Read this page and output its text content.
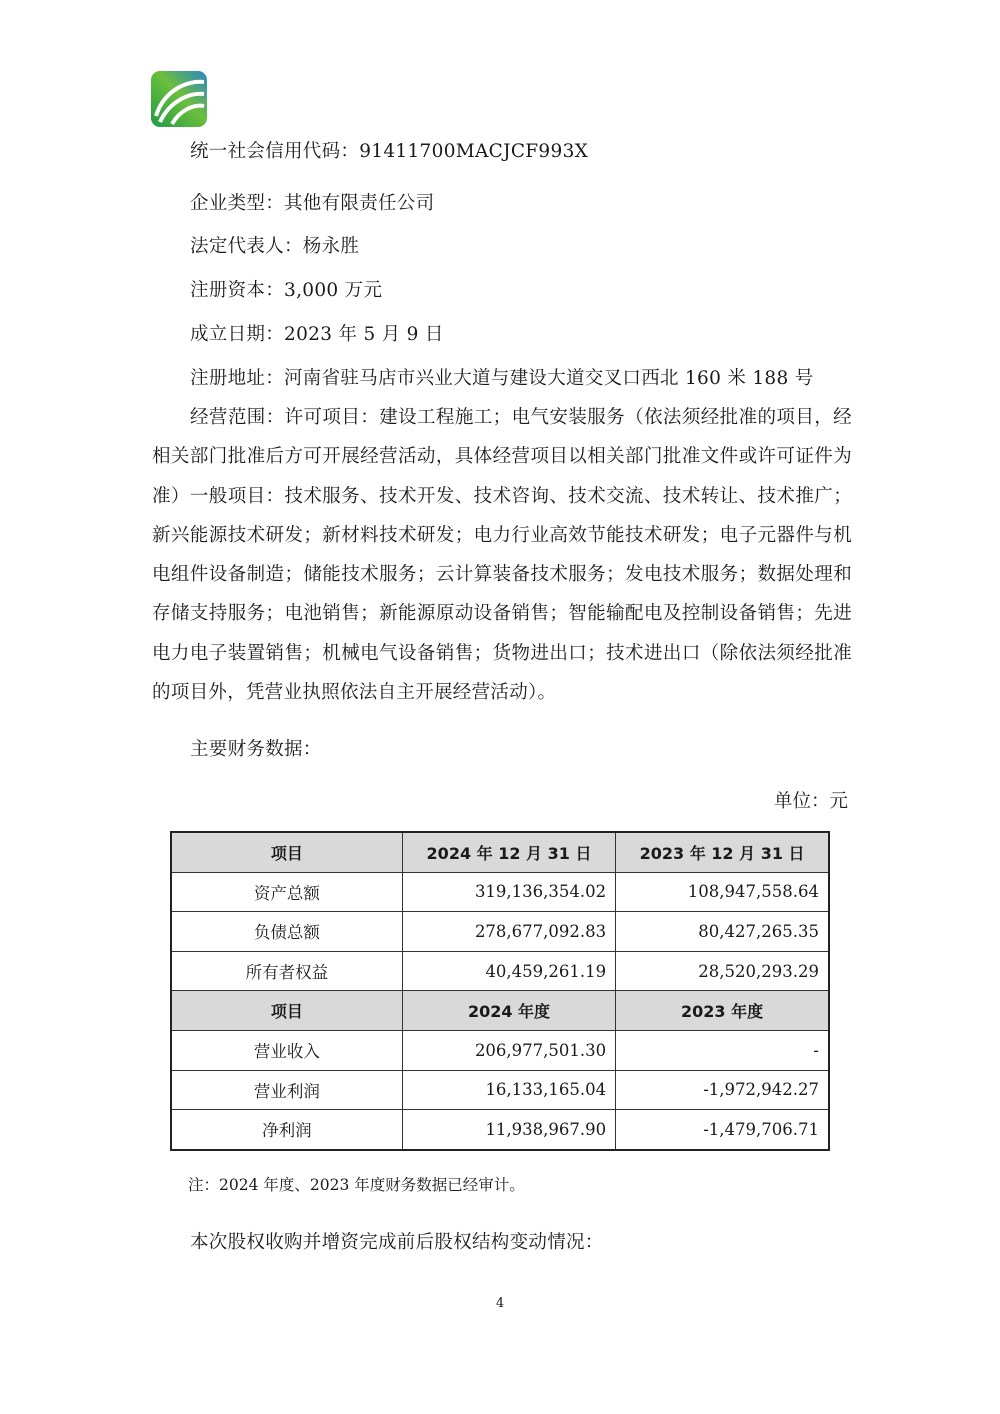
统一社会信用代码：91411700MACJCF993X
企业类型：其他有限责任公司
法定代表人：杨永胜
注册资本：3,000 万元
成立日期：2023 年 5 月 9 日
注册地址：河南省驻马店市兴业大道与建设大道交叉口西北 160 米 188 号
经营范围：许可项目：建设工程施工；电气安装服务（依法须经批准的项目，经相关部门批准后方可开展经营活动，具体经营项目以相关部门批准文件或许可证件为准）一般项目：技术服务、技术开发、技术咨询、技术交流、技术转让、技术推广；新兴能源技术研发；新材料技术研发；电力行业高效节能技术研发；电子元器件与机电组件设备制造；储能技术服务；云计算装备技术服务；发电技术服务；数据处理和存储支持服务；电池销售；新能源原动设备销售；智能输配电及控制设备销售；先进电力电子装置销售；机械电气设备销售；货物进出口；技术进出口（除依法须经批准的项目外，凭营业执照依法自主开展经营活动）。
主要财务数据：
单位：元
项目	2024 年 12 月 31 日	2023 年 12 月 31 日
资产总额	319,136,354.02	108,947,558.64
负债总额	278,677,092.83	80,427,265.35
所有者权益	40,459,261.19	28,520,293.29
项目	2024 年度	2023 年度
营业收入	206,977,501.30	-
营业利润	16,133,165.04	-1,972,942.27
净利润	11,938,967.90	-1,479,706.71
注：2024 年度、2023 年度财务数据已经审计。
本次股权收购并增资完成前后股权结构变动情况：
4
